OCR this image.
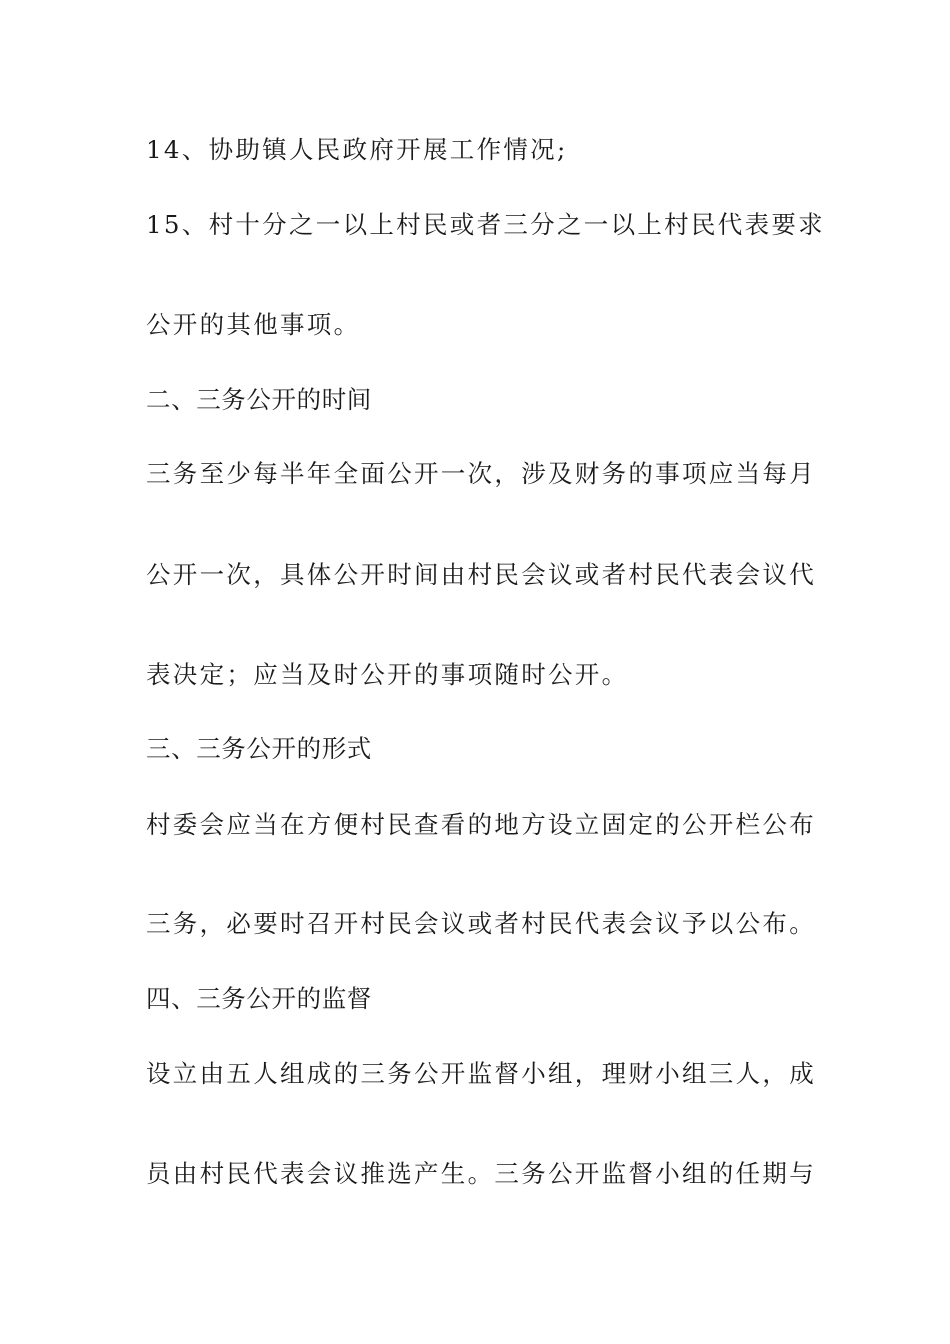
14、协助镇人民政府开展工作情况;
15、村十分之一以上村民或者三分之一以上村民代表要求
公开的其他事项。
二、三务公开的时间
三务至少每半年全面公开一次，涉及财务的事项应当每月
公开一次，具体公开时间由村民会议或者村民代表会议代
表决定；应当及时公开的事项随时公开。
三、三务公开的形式
村委会应当在方便村民查看的地方设立固定的公开栏公布
三务，必要时召开村民会议或者村民代表会议予以公布。
四、三务公开的监督
设立由五人组成的三务公开监督小组，理财小组三人，成
员由村民代表会议推选产生。三务公开监督小组的任期与
